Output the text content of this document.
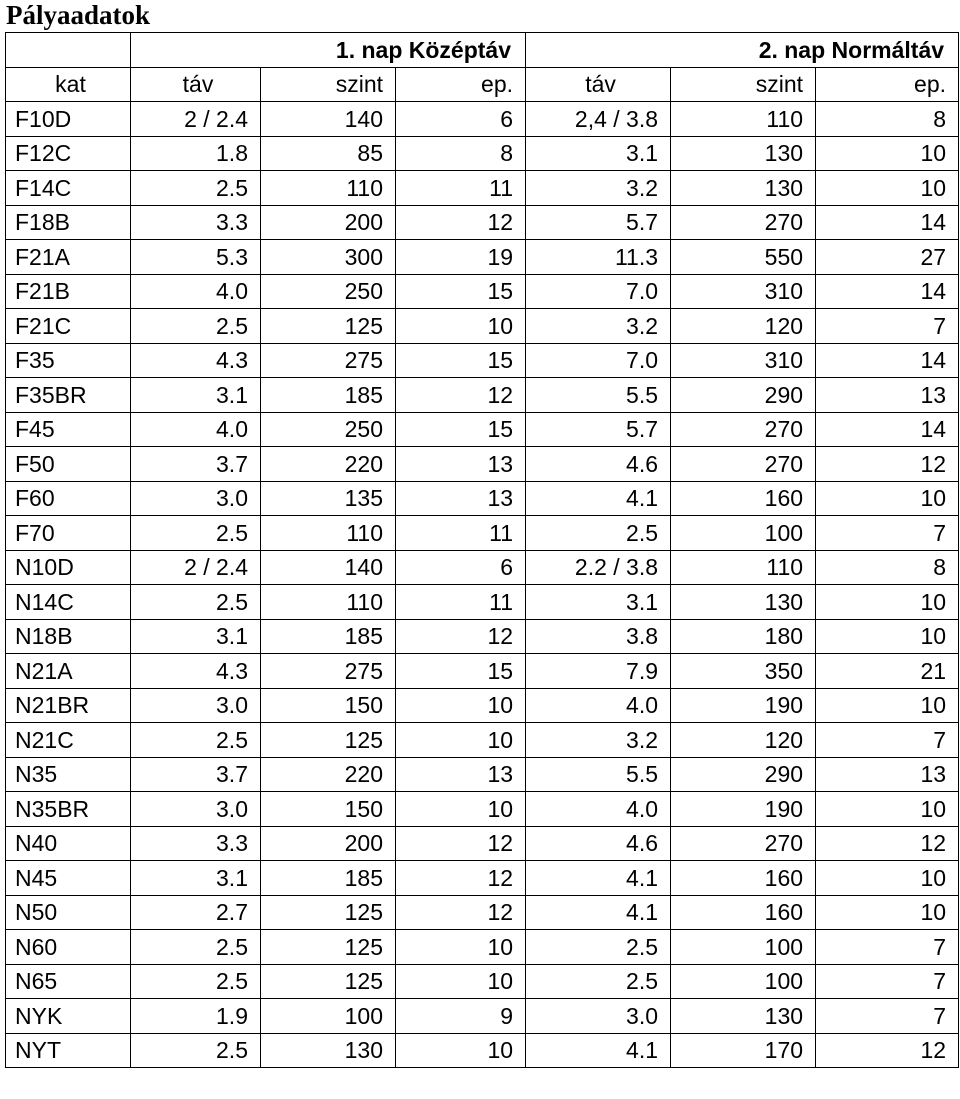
Pályaadatok
	1. nap Középtáv			2. nap Normáltáv		
kat	táv	szint	ep.	táv	szint	ep.
F10D	2 / 2.4	140	6	2,4 / 3.8	110	8
F12C	1.8	85	8	3.1	130	10
F14C	2.5	110	11	3.2	130	10
F18B	3.3	200	12	5.7	270	14
F21A	5.3	300	19	11.3	550	27
F21B	4.0	250	15	7.0	310	14
F21C	2.5	125	10	3.2	120	7
F35	4.3	275	15	7.0	310	14
F35BR	3.1	185	12	5.5	290	13
F45	4.0	250	15	5.7	270	14
F50	3.7	220	13	4.6	270	12
F60	3.0	135	13	4.1	160	10
F70	2.5	110	11	2.5	100	7
N10D	2 / 2.4	140	6	2.2 / 3.8	110	8
N14C	2.5	110	11	3.1	130	10
N18B	3.1	185	12	3.8	180	10
N21A	4.3	275	15	7.9	350	21
N21BR	3.0	150	10	4.0	190	10
N21C	2.5	125	10	3.2	120	7
N35	3.7	220	13	5.5	290	13
N35BR	3.0	150	10	4.0	190	10
N40	3.3	200	12	4.6	270	12
N45	3.1	185	12	4.1	160	10
N50	2.7	125	12	4.1	160	10
N60	2.5	125	10	2.5	100	7
N65	2.5	125	10	2.5	100	7
NYK	1.9	100	9	3.0	130	7
NYT	2.5	130	10	4.1	170	12
